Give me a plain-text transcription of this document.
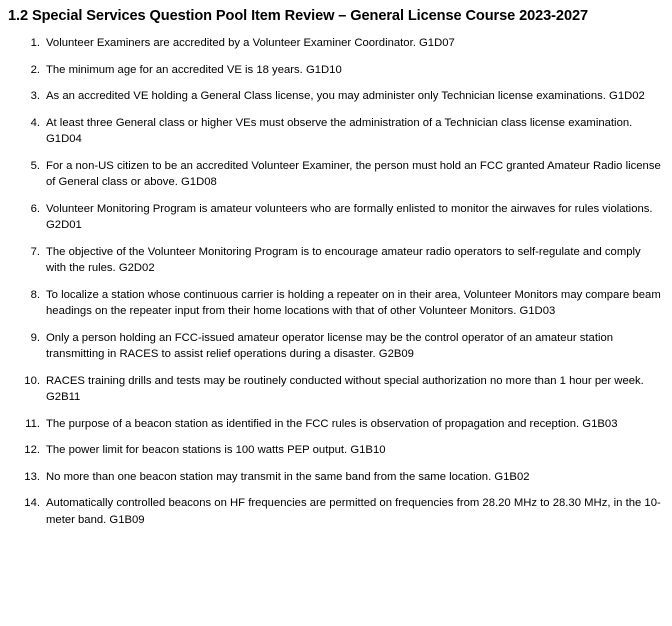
1.2 Special Services Question Pool Item Review – General License Course 2023-2027
1. Volunteer Examiners are accredited by a Volunteer Examiner Coordinator. G1D07
2. The minimum age for an accredited VE is 18 years. G1D10
3. As an accredited VE holding a General Class license, you may administer only Technician license examinations. G1D02
4. At least three General class or higher VEs must observe the administration of a Technician class license examination. G1D04
5. For a non-US citizen to be an accredited Volunteer Examiner, the person must hold an FCC granted Amateur Radio license of General class or above. G1D08
6. Volunteer Monitoring Program is amateur volunteers who are formally enlisted to monitor the airwaves for rules violations. G2D01
7. The objective of the Volunteer Monitoring Program is to encourage amateur radio operators to self-regulate and comply with the rules. G2D02
8. To localize a station whose continuous carrier is holding a repeater on in their area, Volunteer Monitors may compare beam headings on the repeater input from their home locations with that of other Volunteer Monitors. G1D03
9. Only a person holding an FCC-issued amateur operator license may be the control operator of an amateur station transmitting in RACES to assist relief operations during a disaster. G2B09
10. RACES training drills and tests may be routinely conducted without special authorization no more than 1 hour per week. G2B11
11. The purpose of a beacon station as identified in the FCC rules is observation of propagation and reception. G1B03
12. The power limit for beacon stations is 100 watts PEP output. G1B10
13. No more than one beacon station may transmit in the same band from the same location. G1B02
14. Automatically controlled beacons on HF frequencies are permitted on frequencies from 28.20 MHz to 28.30 MHz, in the 10-meter band. G1B09
